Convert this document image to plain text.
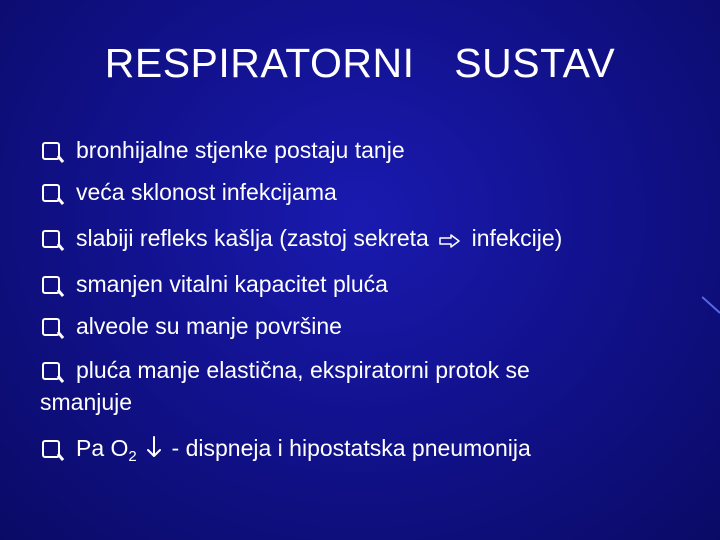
RESPIRATORNI  SUSTAV
bronhijalne stjenke postaju tanje
veća sklonost infekcijama
slabiji refleks kašlja (zastoj sekreta infekcije)
smanjen vitalni kapacitet pluća
alveole su manje površine
pluća manje elastična, ekspiratorni protok se
smanjuje
Pa $O_2$  - dispneja i hipostatska pneumonija
